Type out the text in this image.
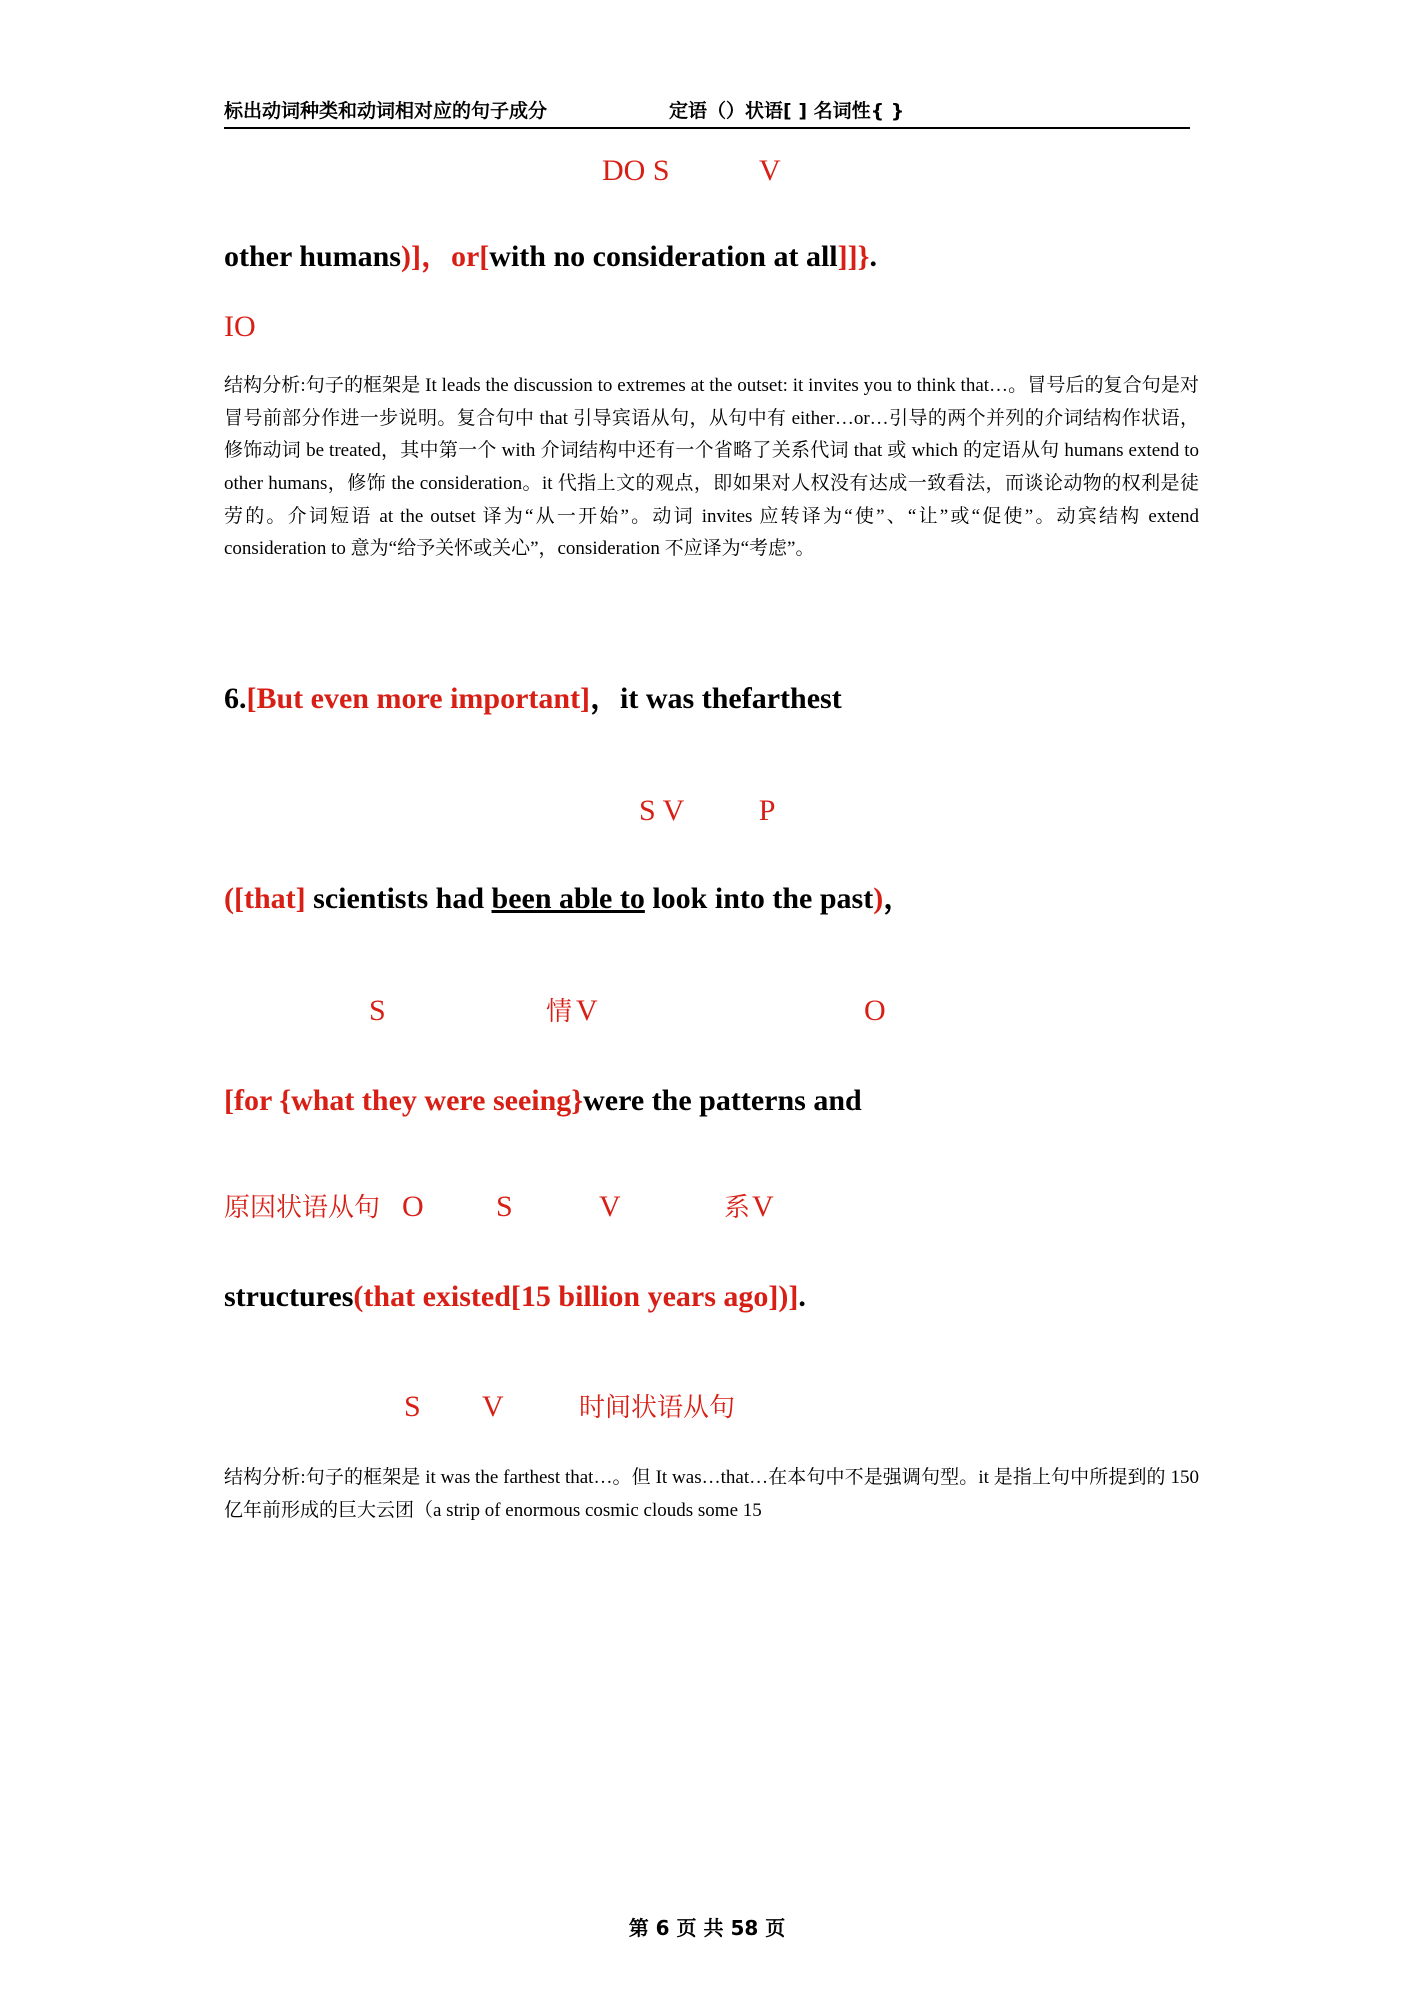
标出动词种类和动词相对应的句子成分	定语（）状语[ ] 名词性{ }
DO S            V

other humans)]，or[with no consideration at all]]}.

IO

结构分析:句子的框架是 It leads the discussion to extremes at the outset: it invites you to think that…。冒号后的复合句是对冒号前部分作进一步说明。复合句中 that 引导宾语从句，从句中有 either…or…引导的两个并列的介词结构作状语，修饰动词 be treated，其中第一个 with 介词结构中还有一个省略了关系代词 that 或 which 的定语从句 humans extend to other humans，修饰 the consideration。it 代指上文的观点，即如果对人权没有达成一致看法，而谈论动物的权利是徒劳的。介词短语 at the outset 译为“从一开始”。动词 invites 应转译为“使”、“让”或“促使”。动宾结构 extend consideration to 意为“给予关怀或关心”，consideration 不应译为“考虑”。

6.[But even more important]，it was thefarthest

S V          P

([that] scientists had been able to look into the past)，

S	情 V	O

[for {what they were seeing}were the patterns and

原因状语从句 O S	V	系 V

structures(that existed[15 billion years ago])].

S V	时间状语从句

结构分析:句子的框架是 it was the farthest that…。但 It was…that…在本句中不是强调句型。it 是指上句中所提到的 150 亿年前形成的巨大云团（a strip of enormous cosmic clouds some 15

第 6 页 共 58 页
